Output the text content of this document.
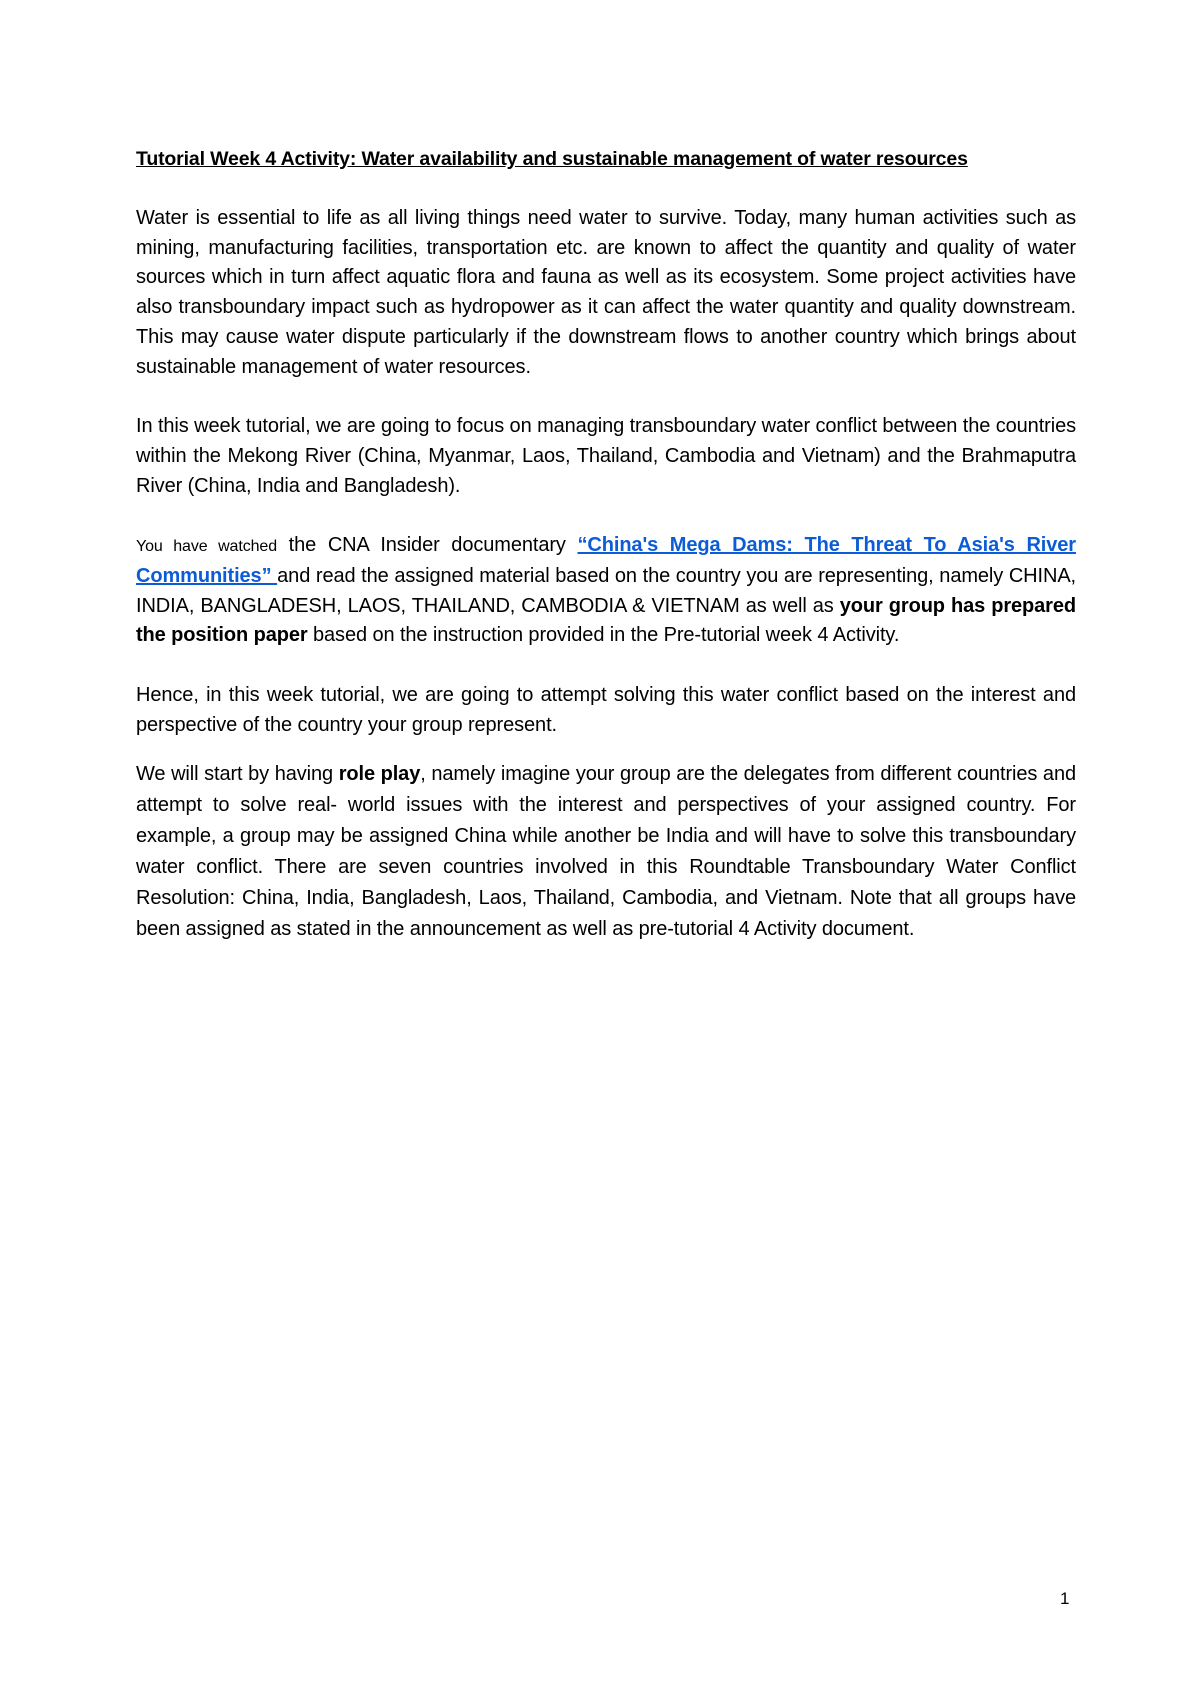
Tutorial Week 4 Activity: Water availability and sustainable management of water resources

Water is essential to life as all living things need water to survive. Today, many human activities such as mining, manufacturing facilities, transportation etc. are known to affect the quantity and quality of water sources which in turn affect aquatic flora and fauna as well as its ecosystem. Some project activities have also transboundary impact such as hydropower as it can affect the water quantity and quality downstream. This may cause water dispute particularly if the downstream flows to another country which brings about sustainable management of water resources.

In this week tutorial, we are going to focus on managing transboundary water conflict between the countries within the Mekong River (China, Myanmar, Laos, Thailand, Cambodia and Vietnam) and the Brahmaputra River (China, India and Bangladesh).

You have watched the CNA Insider documentary “China's Mega Dams: The Threat To Asia's River Communities” and read the assigned material based on the country you are representing, namely CHINA, INDIA, BANGLADESH, LAOS, THAILAND, CAMBODIA & VIETNAM as well as your group has prepared the position paper based on the instruction provided in the Pre-tutorial week 4 Activity.

Hence, in this week tutorial, we are going to attempt solving this water conflict based on the interest and perspective of the country your group represent.

We will start by having role play, namely imagine your group are the delegates from different countries and attempt to solve real- world issues with the interest and perspectives of your assigned country. For example, a group may be assigned China while another be India and will have to solve this transboundary water conflict. There are seven countries involved in this Roundtable Transboundary Water Conflict Resolution: China, India, Bangladesh, Laos, Thailand, Cambodia, and Vietnam. Note that all groups have been assigned as stated in the announcement as well as pre-tutorial 4 Activity document.

1
